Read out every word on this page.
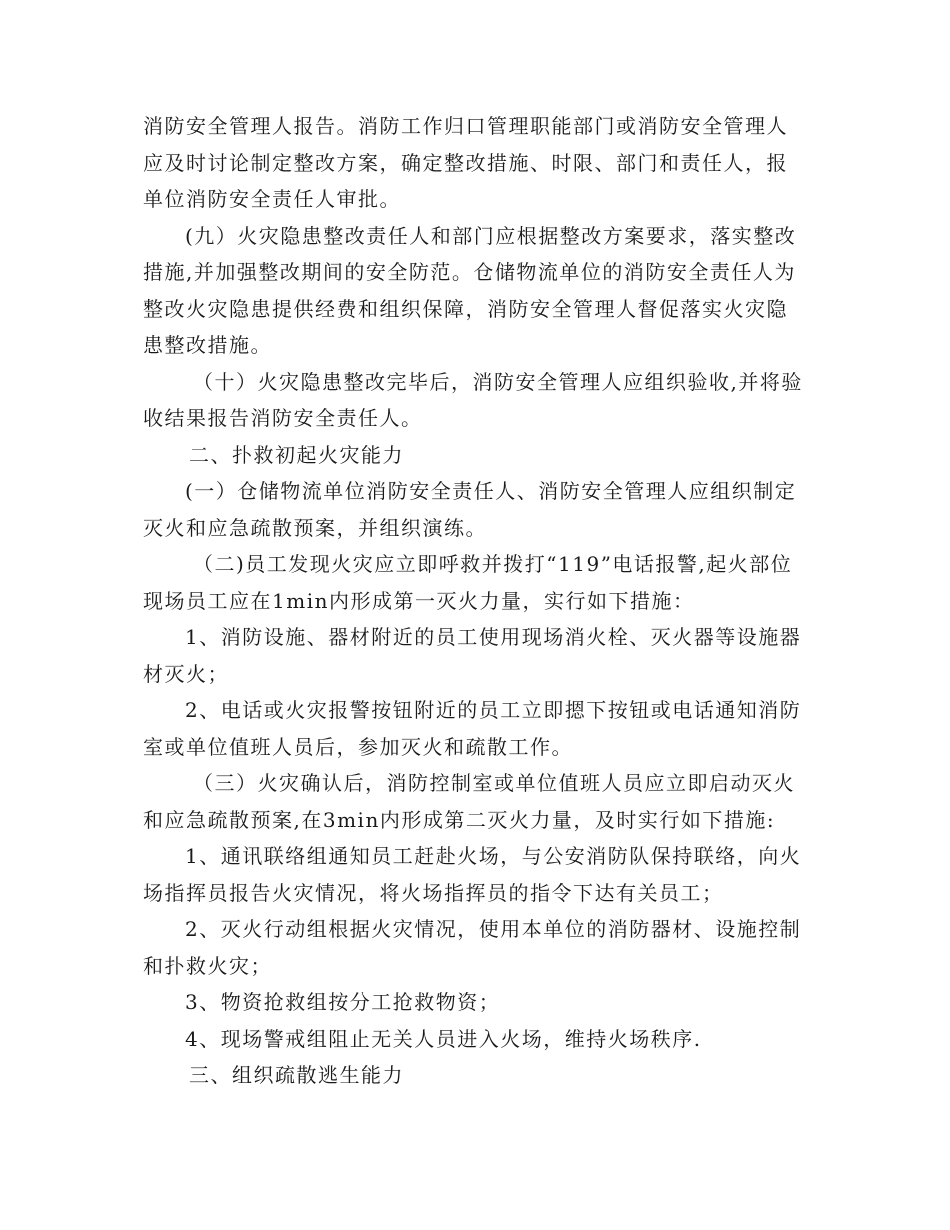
消防安全管理人报告。消防工作归口管理职能部门或消防安全管理人
应及时讨论制定整改方案，确定整改措施、时限、部门和责任人，报
单位消防安全责任人审批。
(九）火灾隐患整改责任人和部门应根据整改方案要求，落实整改
措施,并加强整改期间的安全防范。仓储物流单位的消防安全责任人为
整改火灾隐患提供经费和组织保障，消防安全管理人督促落实火灾隐
患整改措施。
（十）火灾隐患整改完毕后，消防安全管理人应组织验收,并将验
收结果报告消防安全责任人。
二、扑救初起火灾能力
(一）仓储物流单位消防安全责任人、消防安全管理人应组织制定
灭火和应急疏散预案，并组织演练。
（二)员工发现火灾应立即呼救并拨打“119”电话报警,起火部位
现场员工应在1min内形成第一灭火力量，实行如下措施：
1、消防设施、器材附近的员工使用现场消火栓、灭火器等设施器
材灭火；
2、电话或火灾报警按钮附近的员工立即摁下按钮或电话通知消防
室或单位值班人员后，参加灭火和疏散工作。
（三）火灾确认后，消防控制室或单位值班人员应立即启动灭火
和应急疏散预案,在3min内形成第二灭火力量，及时实行如下措施:
1、通讯联络组通知员工赶赴火场，与公安消防队保持联络，向火
场指挥员报告火灾情况，将火场指挥员的指令下达有关员工；
2、灭火行动组根据火灾情况，使用本单位的消防器材、设施控制
和扑救火灾；
3、物资抢救组按分工抢救物资；
4、现场警戒组阻止无关人员进入火场，维持火场秩序.
三、组织疏散逃生能力
